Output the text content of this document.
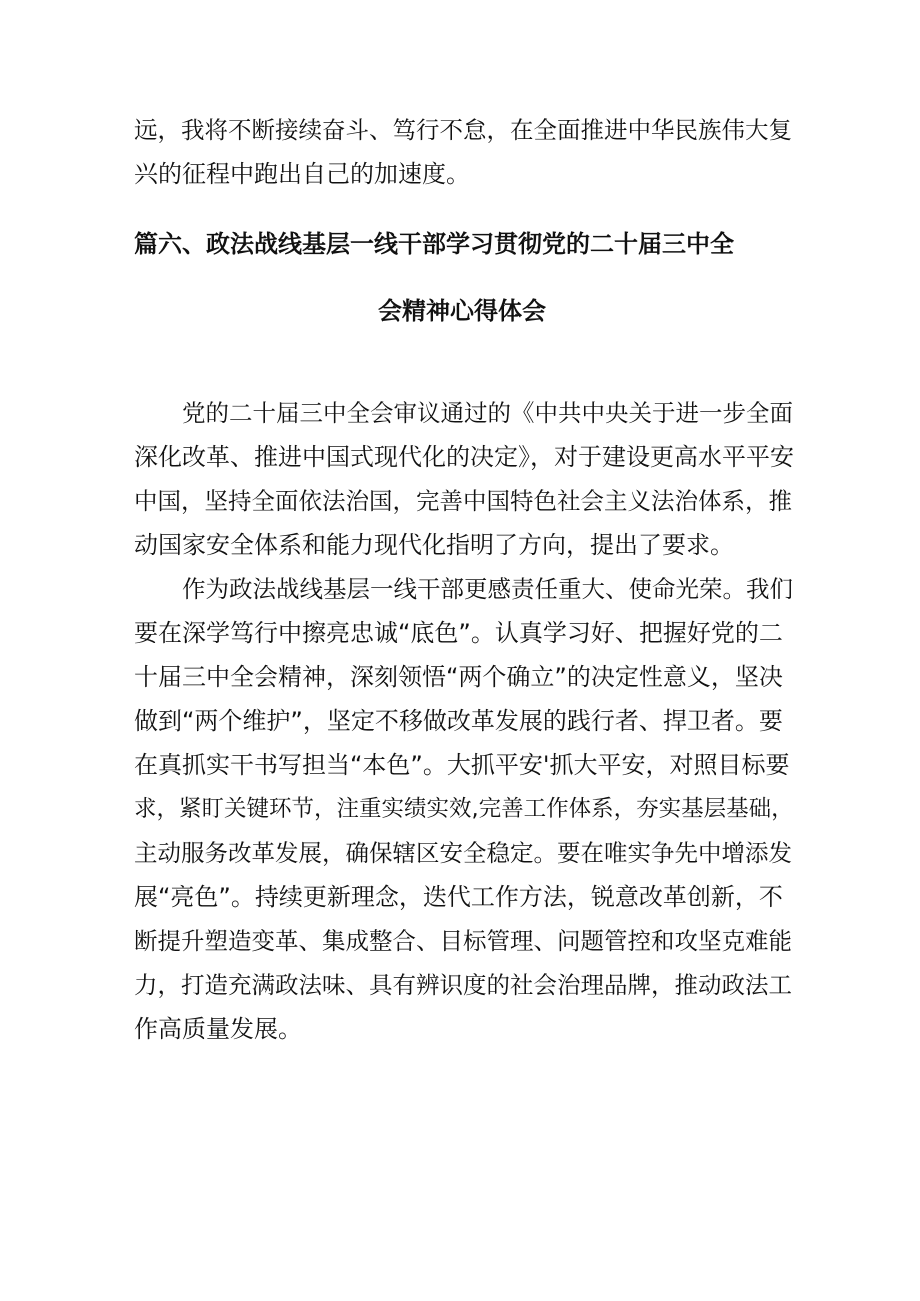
远，我将不断接续奋斗、笃行不怠，在全面推进中华民族伟大复
兴的征程中跑出自己的加速度。
篇六、政法战线基层一线干部学习贯彻党的二十届三中全
会精神心得体会
党的二十届三中全会审议通过的《中共中央关于进一步全面
深化改革、推进中国式现代化的决定》，对于建设更高水平平安
中国，坚持全面依法治国，完善中国特色社会主义法治体系，推
动国家安全体系和能力现代化指明了方向，提出了要求。
作为政法战线基层一线干部更感责任重大、使命光荣。我们
要在深学笃行中擦亮忠诚“底色”。认真学习好、把握好党的二
十届三中全会精神，深刻领悟“两个确立”的决定性意义，坚决
做到“两个维护”，坚定不移做改革发展的践行者、捍卫者。要
在真抓实干书写担当“本色”。大抓平安'抓大平安，对照目标要
求，紧盯关键环节，注重实绩实效,完善工作体系，夯实基层基础，
主动服务改革发展，确保辖区安全稳定。要在唯实争先中增添发
展“亮色”。持续更新理念，迭代工作方法，锐意改革创新，不
断提升塑造变革、集成整合、目标管理、问题管控和攻坚克难能
力，打造充满政法味、具有辨识度的社会治理品牌，推动政法工
作高质量发展。
